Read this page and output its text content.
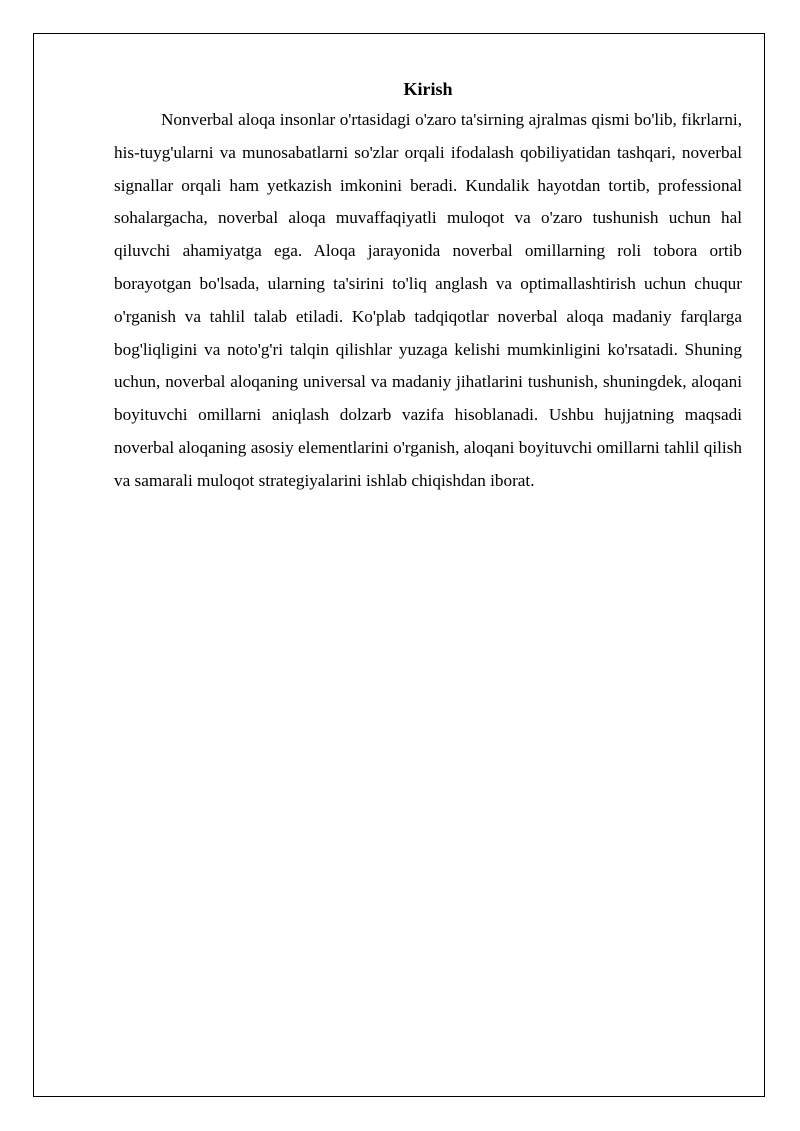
Kirish

Nonverbal aloqa insonlar o'rtasidagi o'zaro ta'sirning ajralmas qismi bo'lib, fikrlarni, his-tuyg'ularni va munosabatlarni so'zlar orqali ifodalash qobiliyatidan tashqari, noverbal signallar orqali ham yetkazish imkonini beradi. Kundalik hayotdan tortib, professional sohalargacha, noverbal aloqa muvaffaqiyatli muloqot va o'zaro tushunish uchun hal qiluvchi ahamiyatga ega. Aloqa jarayonida noverbal omillarning roli tobora ortib borayotgan bo'lsada, ularning ta'sirini to'liq anglash va optimallashtirish uchun chuqur o'rganish va tahlil talab etiladi. Ko'plab tadqiqotlar noverbal aloqa madaniy farqlarga bog'liqligini va noto'g'ri talqin qilishlar yuzaga kelishi mumkinligini ko'rsatadi. Shuning uchun, noverbal aloqaning universal va madaniy jihatlarini tushunish, shuningdek, aloqani boyituvchi omillarni aniqlash dolzarb vazifa hisoblanadi. Ushbu hujjatning maqsadi noverbal aloqaning asosiy elementlarini o'rganish, aloqani boyituvchi omillarni tahlil qilish va samarali muloqot strategiyalarini ishlab chiqishdan iborat.
